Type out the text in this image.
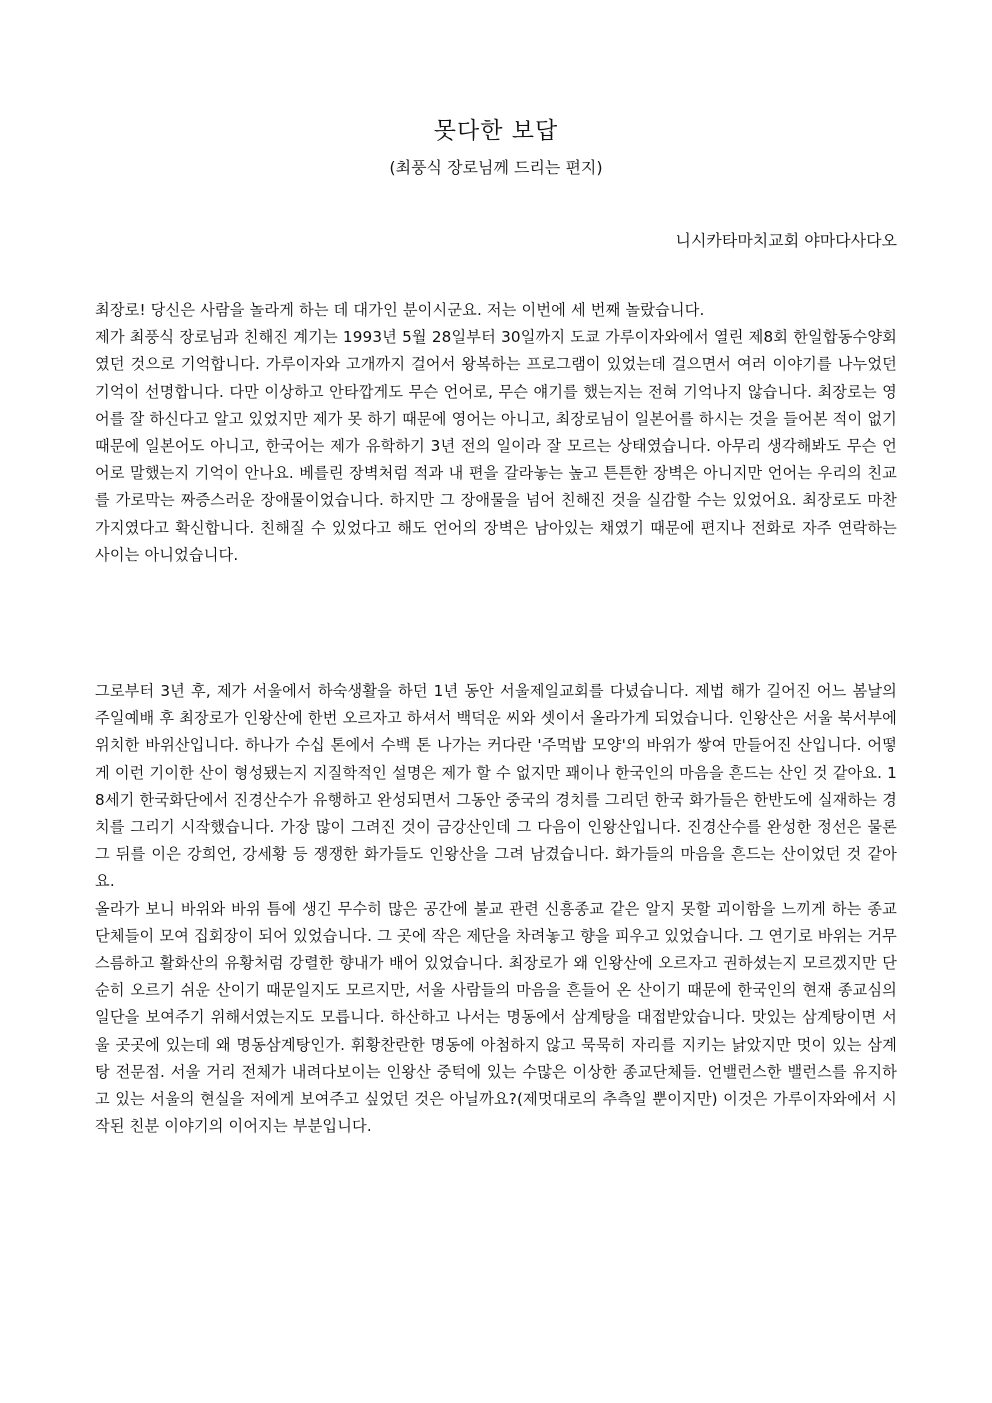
못다한 보답
(최풍식 장로님께 드리는 편지)
니시카타마치교회 야마다사다오

최장로! 당신은 사람을 놀라게 하는 데 대가인 분이시군요. 저는 이번에 세 번째 놀랐습니다.

제가 최풍식 장로님과 친해진 계기는 1993년 5월 28일부터 30일까지 도쿄 가루이자와에서 열린 제8회 한일합동수양회였던 것으로 기억합니다. 가루이자와 고개까지 걸어서 왕복하는 프로그램이 있었는데 걸으면서 여러 이야기를 나누었던 기억이 선명합니다. 다만 이상하고 안타깝게도 무슨 언어로, 무슨 얘기를 했는지는 전혀 기억나지 않습니다. 최장로는 영어를 잘 하신다고 알고 있었지만 제가 못 하기 때문에 영어는 아니고, 최장로님이 일본어를 하시는 것을 들어본 적이 없기 때문에 일본어도 아니고, 한국어는 제가 유학하기 3년 전의 일이라 잘 모르는 상태였습니다. 아무리 생각해봐도 무슨 언어로 말했는지 기억이 안나요. 베를린 장벽처럼 적과 내 편을 갈라놓는 높고 튼튼한 장벽은 아니지만 언어는 우리의 친교를 가로막는 짜증스러운 장애물이었습니다. 하지만 그 장애물을 넘어 친해진 것을 실감할 수는 있었어요. 최장로도 마찬가지였다고 확신합니다. 친해질 수 있었다고 해도 언어의 장벽은 남아있는 채였기 때문에 편지나 전화로 자주 연락하는 사이는 아니었습니다.

그로부터 3년 후, 제가 서울에서 하숙생활을 하던 1년 동안 서울제일교회를 다녔습니다. 제법 해가 길어진 어느 봄날의 주일예배 후 최장로가 인왕산에 한번 오르자고 하셔서 백덕운 씨와 셋이서 올라가게 되었습니다. 인왕산은 서울 북서부에 위치한 바위산입니다. 하나가 수십 톤에서 수백 톤 나가는 커다란 '주먹밥 모양'의 바위가 쌓여 만들어진 산입니다. 어떻게 이런 기이한 산이 형성됐는지 지질학적인 설명은 제가 할 수 없지만 꽤이나 한국인의 마음을 흔드는 산인 것 같아요. 18세기 한국화단에서 진경산수가 유행하고 완성되면서 그동안 중국의 경치를 그리던 한국 화가들은 한반도에 실재하는 경치를 그리기 시작했습니다. 가장 많이 그려진 것이 금강산인데 그 다음이 인왕산입니다. 진경산수를 완성한 정선은 물론 그 뒤를 이은 강희언, 강세황 등 쟁쟁한 화가들도 인왕산을 그려 남겼습니다. 화가들의 마음을 흔드는 산이었던 것 같아요.

올라가 보니 바위와 바위 틈에 생긴 무수히 많은 공간에 불교 관련 신흥종교 같은 알지 못할 괴이함을 느끼게 하는 종교 단체들이 모여 집회장이 되어 있었습니다. 그 곳에 작은 제단을 차려놓고 향을 피우고 있었습니다. 그 연기로 바위는 거무스름하고 활화산의 유황처럼 강렬한 향내가 배어 있었습니다. 최장로가 왜 인왕산에 오르자고 권하셨는지 모르겠지만 단순히 오르기 쉬운 산이기 때문일지도 모르지만, 서울 사람들의 마음을 흔들어 온 산이기 때문에 한국인의 현재 종교심의 일단을 보여주기 위해서였는지도 모릅니다. 하산하고 나서는 명동에서 삼계탕을 대접받았습니다. 맛있는 삼계탕이면 서울 곳곳에 있는데 왜 명동삼계탕인가. 휘황찬란한 명동에 아첨하지 않고 묵묵히 자리를 지키는 낡았지만 멋이 있는 삼계탕 전문점. 서울 거리 전체가 내려다보이는 인왕산 중턱에 있는 수많은 이상한 종교단체들. 언밸런스한 밸런스를 유지하고 있는 서울의 현실을 저에게 보여주고 싶었던 것은 아닐까요?(제멋대로의 추측일 뿐이지만) 이것은 가루이자와에서 시작된 친분 이야기의 이어지는 부분입니다.
